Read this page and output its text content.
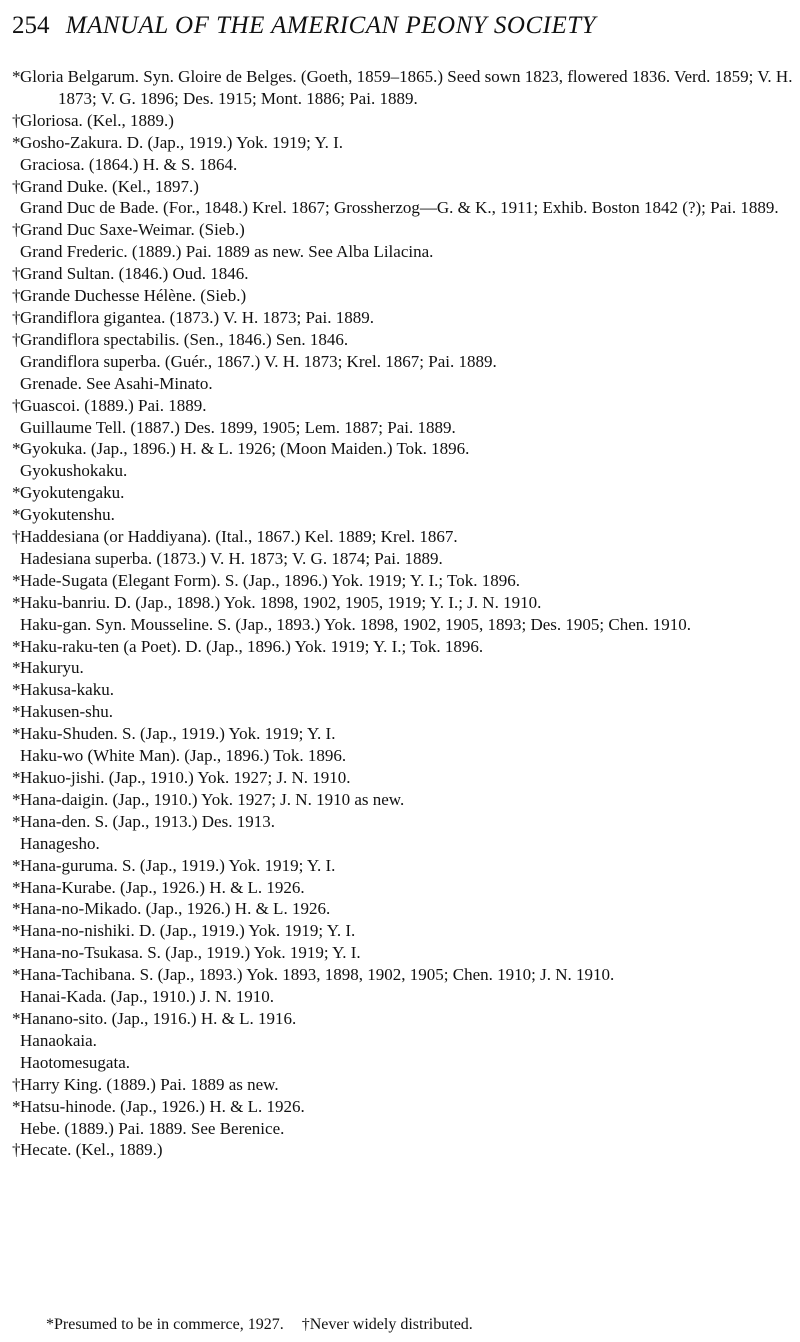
254 MANUAL OF THE AMERICAN PEONY SOCIETY
*Gloria Belgarum. Syn. Gloire de Belges. (Goeth, 1859–1865.) Seed sown 1823, flowered 1836. Verd. 1859; V. H. 1873; V. G. 1896; Des. 1915; Mont. 1886; Pai. 1889.
†Gloriosa. (Kel., 1889.)
*Gosho-Zakura. D. (Jap., 1919.) Yok. 1919; Y. I.
Graciosa. (1864.) H. & S. 1864.
†Grand Duke. (Kel., 1897.)
Grand Duc de Bade. (For., 1848.) Krel. 1867; Grossherzog—G. & K., 1911; Exhib. Boston 1842 (?); Pai. 1889.
†Grand Duc Saxe-Weimar. (Sieb.)
Grand Frederic. (1889.) Pai. 1889 as new. See Alba Lilacina.
†Grand Sultan. (1846.) Oud. 1846.
†Grande Duchesse Hélène. (Sieb.)
†Grandiflora gigantea. (1873.) V. H. 1873; Pai. 1889.
†Grandiflora spectabilis. (Sen., 1846.) Sen. 1846.
Grandiflora superba. (Guér., 1867.) V. H. 1873; Krel. 1867; Pai. 1889.
Grenade. See Asahi-Minato.
†Guascoi. (1889.) Pai. 1889.
Guillaume Tell. (1887.) Des. 1899, 1905; Lem. 1887; Pai. 1889.
*Gyokuka. (Jap., 1896.) H. & L. 1926; (Moon Maiden.) Tok. 1896.
Gyokushokaku.
*Gyokutengaku.
*Gyokutenshu.
†Haddesiana (or Haddiyana). (Ital., 1867.) Kel. 1889; Krel. 1867.
Hadesiana superba. (1873.) V. H. 1873; V. G. 1874; Pai. 1889.
*Hade-Sugata (Elegant Form). S. (Jap., 1896.) Yok. 1919; Y. I.; Tok. 1896.
*Haku-banriu. D. (Jap., 1898.) Yok. 1898, 1902, 1905, 1919; Y. I.; J. N. 1910.
Haku-gan. Syn. Mousseline. S. (Jap., 1893.) Yok. 1898, 1902, 1905, 1893; Des. 1905; Chen. 1910.
*Haku-raku-ten (a Poet). D. (Jap., 1896.) Yok. 1919; Y. I.; Tok. 1896.
*Hakuryu.
*Hakusa-kaku.
*Hakusen-shu.
*Haku-Shuden. S. (Jap., 1919.) Yok. 1919; Y. I.
Haku-wo (White Man). (Jap., 1896.) Tok. 1896.
*Hakuo-jishi. (Jap., 1910.) Yok. 1927; J. N. 1910.
*Hana-daigin. (Jap., 1910.) Yok. 1927; J. N. 1910 as new.
*Hana-den. S. (Jap., 1913.) Des. 1913.
Hanagesho.
*Hana-guruma. S. (Jap., 1919.) Yok. 1919; Y. I.
*Hana-Kurabe. (Jap., 1926.) H. & L. 1926.
*Hana-no-Mikado. (Jap., 1926.) H. & L. 1926.
*Hana-no-nishiki. D. (Jap., 1919.) Yok. 1919; Y. I.
*Hana-no-Tsukasa. S. (Jap., 1919.) Yok. 1919; Y. I.
*Hana-Tachibana. S. (Jap., 1893.) Yok. 1893, 1898, 1902, 1905; Chen. 1910; J. N. 1910.
Hanai-Kada. (Jap., 1910.) J. N. 1910.
*Hanano-sito. (Jap., 1916.) H. & L. 1916.
Hanaokaia.
Haotomesugata.
†Harry King. (1889.) Pai. 1889 as new.
*Hatsu-hinode. (Jap., 1926.) H. & L. 1926.
Hebe. (1889.) Pai. 1889. See Berenice.
†Hecate. (Kel., 1889.)
*Presumed to be in commerce, 1927. †Never widely distributed.
